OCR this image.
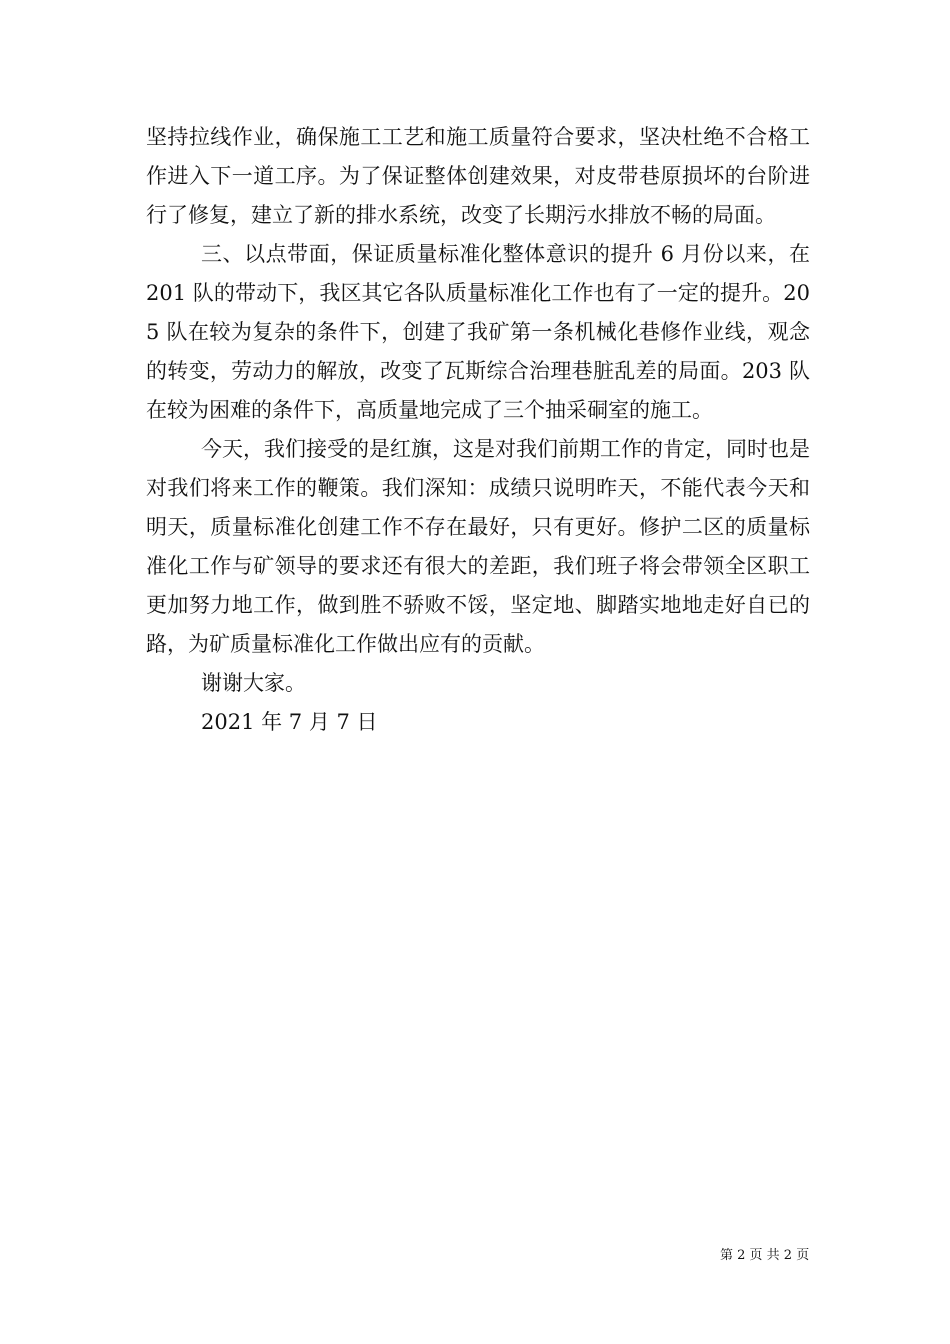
坚持拉线作业，确保施工工艺和施工质量符合要求，坚决杜绝不合格工作进入下一道工序。为了保证整体创建效果，对皮带巷原损坏的台阶进行了修复，建立了新的排水系统，改变了长期污水排放不畅的局面。

三、以点带面，保证质量标准化整体意识的提升 6 月份以来，在 201 队的带动下，我区其它各队质量标准化工作也有了一定的提升。205 队在较为复杂的条件下，创建了我矿第一条机械化巷修作业线，观念的转变，劳动力的解放，改变了瓦斯综合治理巷脏乱差的局面。203 队在较为困难的条件下，高质量地完成了三个抽采硐室的施工。

今天，我们接受的是红旗，这是对我们前期工作的肯定，同时也是对我们将来工作的鞭策。我们深知：成绩只说明昨天，不能代表今天和明天，质量标准化创建工作不存在最好，只有更好。修护二区的质量标准化工作与矿领导的要求还有很大的差距，我们班子将会带领全区职工更加努力地工作，做到胜不骄败不馁，坚定地、脚踏实地地走好自已的路，为矿质量标准化工作做出应有的贡献。

谢谢大家。

2021 年 7 月 7 日

第 2 页 共 2 页
